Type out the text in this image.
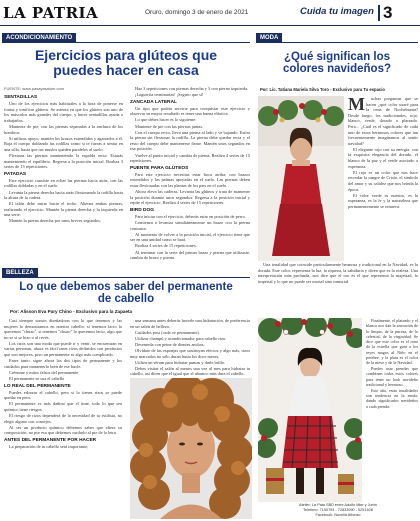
LA PATRIA	Oruro, domingo 3 de enero de 2021	Cuida tu imagen 3
ACONDICIONAMIENTO
Ejercicios para glúteos que
puedes hacer en casa
FUENTE: www.pasayasalum.com

SENTADILLAS

Uno de los ejercicios más habituales a la hora de ponerse en forma y tonificar glúteos. Se asienta en que los glúteos son uno de los músculos más grandes del cuerpo, y hacer sentadillas ayuda a trabajarlos.

Mantente de pie, con las piernas separadas a la anchura de los hombros.

Si utilizas apoyo, mantén los brazos extendidos y agarrados a él. Baja el cuerpo doblando las rodillas como si te fueras a sentar en una silla, hasta que tus muslos queden paralelos al suelo.

Flexiona las piernas manteniendo la espalda recta. Estarás manteniendo el equilibrio. Regresa a la posición inicial. Realiza 3 series de 15 repeticiones.

PATADAS

Este ejercicio consiste en echar las piernas hacia atrás, con las rodillas dobladas y en el suelo.

Levanta la pierna derecha hacia atrás flexionando la rodilla hasta la altura de la cadera.

El talón debe mirar hacia el techo. Alterna ambas piernas, realizando el ejercicio. Mantén la pierna derecha y la izquierda en una serie.

Mantén la pierna derecha por unos breves segundos.

Haz 3 repeticiones con piernas derecha y 3 con pierna izquierda.

¡Laguerita terminarías! ¡Seguro que sí!

ZANCADA LATERAL

Un tipo que podría servirte para conquistar este ejercicio y observar su mayor resultado es tener una buena elástica.

Lo que debes hacer es lo siguiente:

Mantente de pie con las piernas juntas.

Con el cuerpo recto, lleva una pierna al lado y ve bajando. Estira la pierna sin flexionar la rodilla. La pierna debe quedar recta y el resto del cuerpo debe mantenerse firme. Mantén unos segundos en esa posición.

Vuelve al punto inicial y cambia de pierna. Realiza 4 series de 15 repeticiones.

PUENTE PARA GLÚTEOS

Para este ejercicio necesitas estar boca arriba, con brazos extendidos y las palmas apoyadas en el suelo. Las piernas deben estar flexionadas con las plantas de los pies en el suelo.

Ahora eleva las caderas. Levanta las glúteos y trata de mantener la posición durante unos segundos. Regresa a la posición inicial y repite el ejercicio. Realiza 4 series de 15 repeticiones.

BIRD DOG

Para iniciar con el ejercicio, deberás estar en posición de perro.

Comienza a levantar simultáneamente un brazo con la pierna contraria.

Al momento de volver a la posición inicial, el ejercicio tiene que ser en una unidad como se hará.

Realiza 4 series de 15 repeticiones.

Al terminar con la serie del primer brazo y pierna que utilizaste, cambia de brazo y pierna.

BELLEZA
Lo que debemos saber del permanente
de cabello
Por: Alisson Eva Pary Chino - Exclusivo para la Zapaeta

Casi siempre somos diseñadoras con lo que tenemos y las mujeres lo demostramos en nuestro cabello: si tenemos lacio lo queremos "chuzo", si tenemos "chuzo" lo queremos lacio, algo que no se si se hizo o al revés.

Los rizos son una moda que puede ir y venir, se encuentran en varias personas, ahora es fácil tener rizos definidos con productos que son mejores, pero un permanente es algo más complicado.

Entre tanto, sigue ahora los dos tipos de permanente y los cuidados para mantenerlo bien de ese bucle.

Créenme y mitos falsos del permanente

El permanente se usa el cabello

LO REAL DEL PERMANENTE

Puedes esbozar el cabello, pero si lo tienes rizos se puede quedar en peor.

El permanente es más dañino que el tinte, todo lo que sea químico tiene riesgos.

El riesgo de rizos dependerá de la necesidad de tu estilista, no elegir alguno con consejos.

Al ser un producto químico debemos saber que altera su composición, no por eso que debemos cuidarlo al pie de la letra.

ANTES DEL PERMANENTE POR HACER

La preparación de tu cabello será importante,

una semana antes deberás hacerle una hidratación, de preferencia en un salón de belleza.

Cuidados post (cada ve permanente).

Utilizar champú y acondicionador para cabello rizo.

Desenreda con peine de dientes anchos.

Olvídate de las esponjas que sustituyan efectos y algo más, rizos muy marcados no sólo duran hasta los doce meses.

Utiliza un sérum para hidratar puntas y darle brillo.

Debes visitar el salón al menos una vez al mes para hidratar tu cabello, así dicen que el igual que el abanico más dura el cabello.

MODA
¿Qué significan los
colores navideños?
Por: Lic. Tatiana Mariela Silva Toro - Exclusivo para Tu espacio
M	uchas preguntas que se hacen ¿qué color usaré para la cena de Nochebuena? Desde luego, los tradicionales, rojo, blanco, verde, dorado o plateado. Pero... ¿Cuál es el significado de cada uno de estos hermosos colores que tan frecuentemente imaginamos al sentir navidad?

El elegante rojo con su energía, con la exquisita elegancia del dorado, el blanco de la paz y el verde asociado a esperanza.

El rojo es un color que nos hace recordar la sangre de Cristo, el símbolo del amor y su calidez que nos brinda la época.

El color verde es nuestro, es la esperanza, es la fe y la naturaleza que permanentemente se renueva.

Una tonalidad que coincide particularmente hermosa y tradicional en la Navidad, es la dorada. Este color, representa la luz, la riqueza, la sabiduría y dicen que es la realeza. Una interpretación más profunda, nos dice que el oro es el que representa la majestad, lo imperial y lo que no puede ser mortal sino inmortal.

Finalmente, el plateado y el blanco nos dan la sensación de lo limpio, de la pureza, de lo celestial, de la virginidad. Se dice que este color es el tono de la estrella que guió a los reyes magos al Niño en el pesebre, y la plata es el color de la nieve y de la Navidad.

Puedes usar prendas que combinen todos estos colores para tener un look navideño tradicional y hermoso.

Este año, estas tonalidades son tendencia en la moda, dando significados navideños a cada prenda.

Atelier: La Pata SBD entre Adolfo Mier y Junín
Telefono: 7190794 - 72833990 - 5251408
Facebook: Novella Alfonso
